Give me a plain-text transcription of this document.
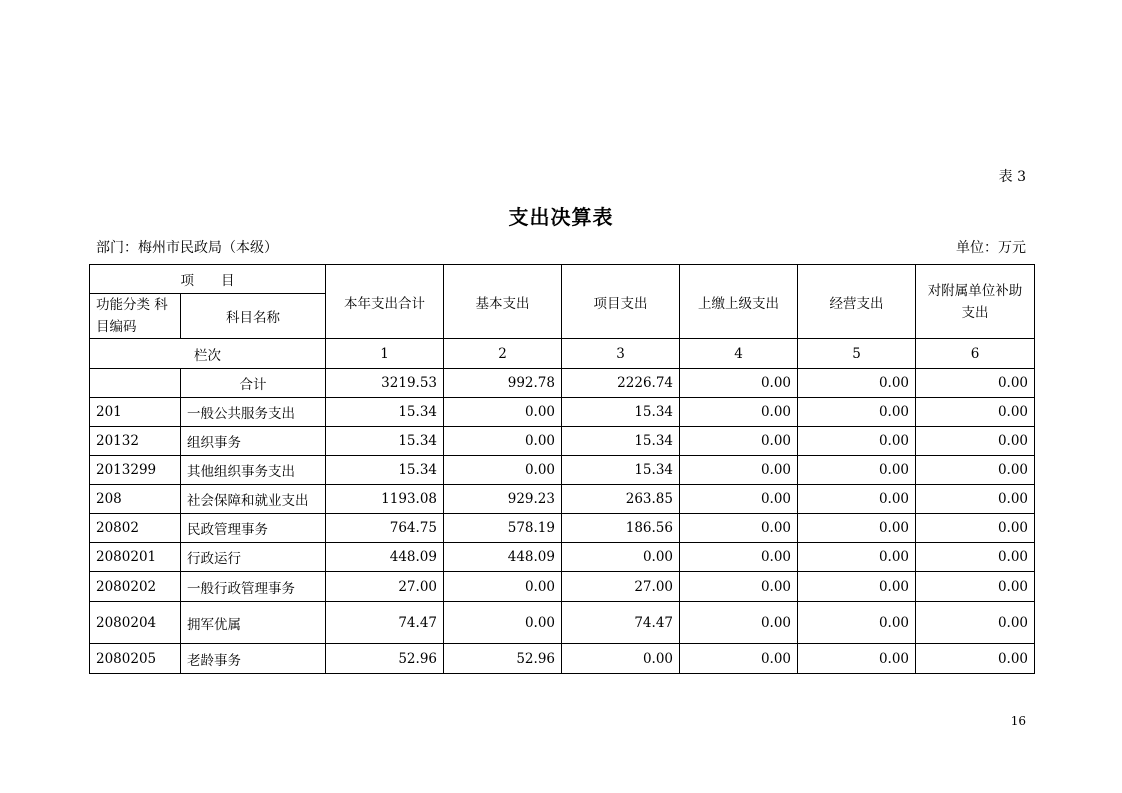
表 3
支出决算表
部门：梅州市民政局（本级）	单位：万元
项　　目		本年支出合计	基本支出	项目支出	上缴上级支出	经营支出	对附属单位补助 支出
功能分类 科目编码	科目名称						
栏次		1	2	3	4	5	6
	合计	3219.53	992.78	2226.74	0.00	0.00	0.00
201	一般公共服务支出	15.34	0.00	15.34	0.00	0.00	0.00
20132	组织事务	15.34	0.00	15.34	0.00	0.00	0.00
2013299	其他组织事务支出	15.34	0.00	15.34	0.00	0.00	0.00
208	社会保障和就业支出	1193.08	929.23	263.85	0.00	0.00	0.00
20802	民政管理事务	764.75	578.19	186.56	0.00	0.00	0.00
2080201	行政运行	448.09	448.09	0.00	0.00	0.00	0.00
2080202	一般行政管理事务	27.00	0.00	27.00	0.00	0.00	0.00
2080204	拥军优属	74.47	0.00	74.47	0.00	0.00	0.00
2080205	老龄事务	52.96	52.96	0.00	0.00	0.00	0.00
16
